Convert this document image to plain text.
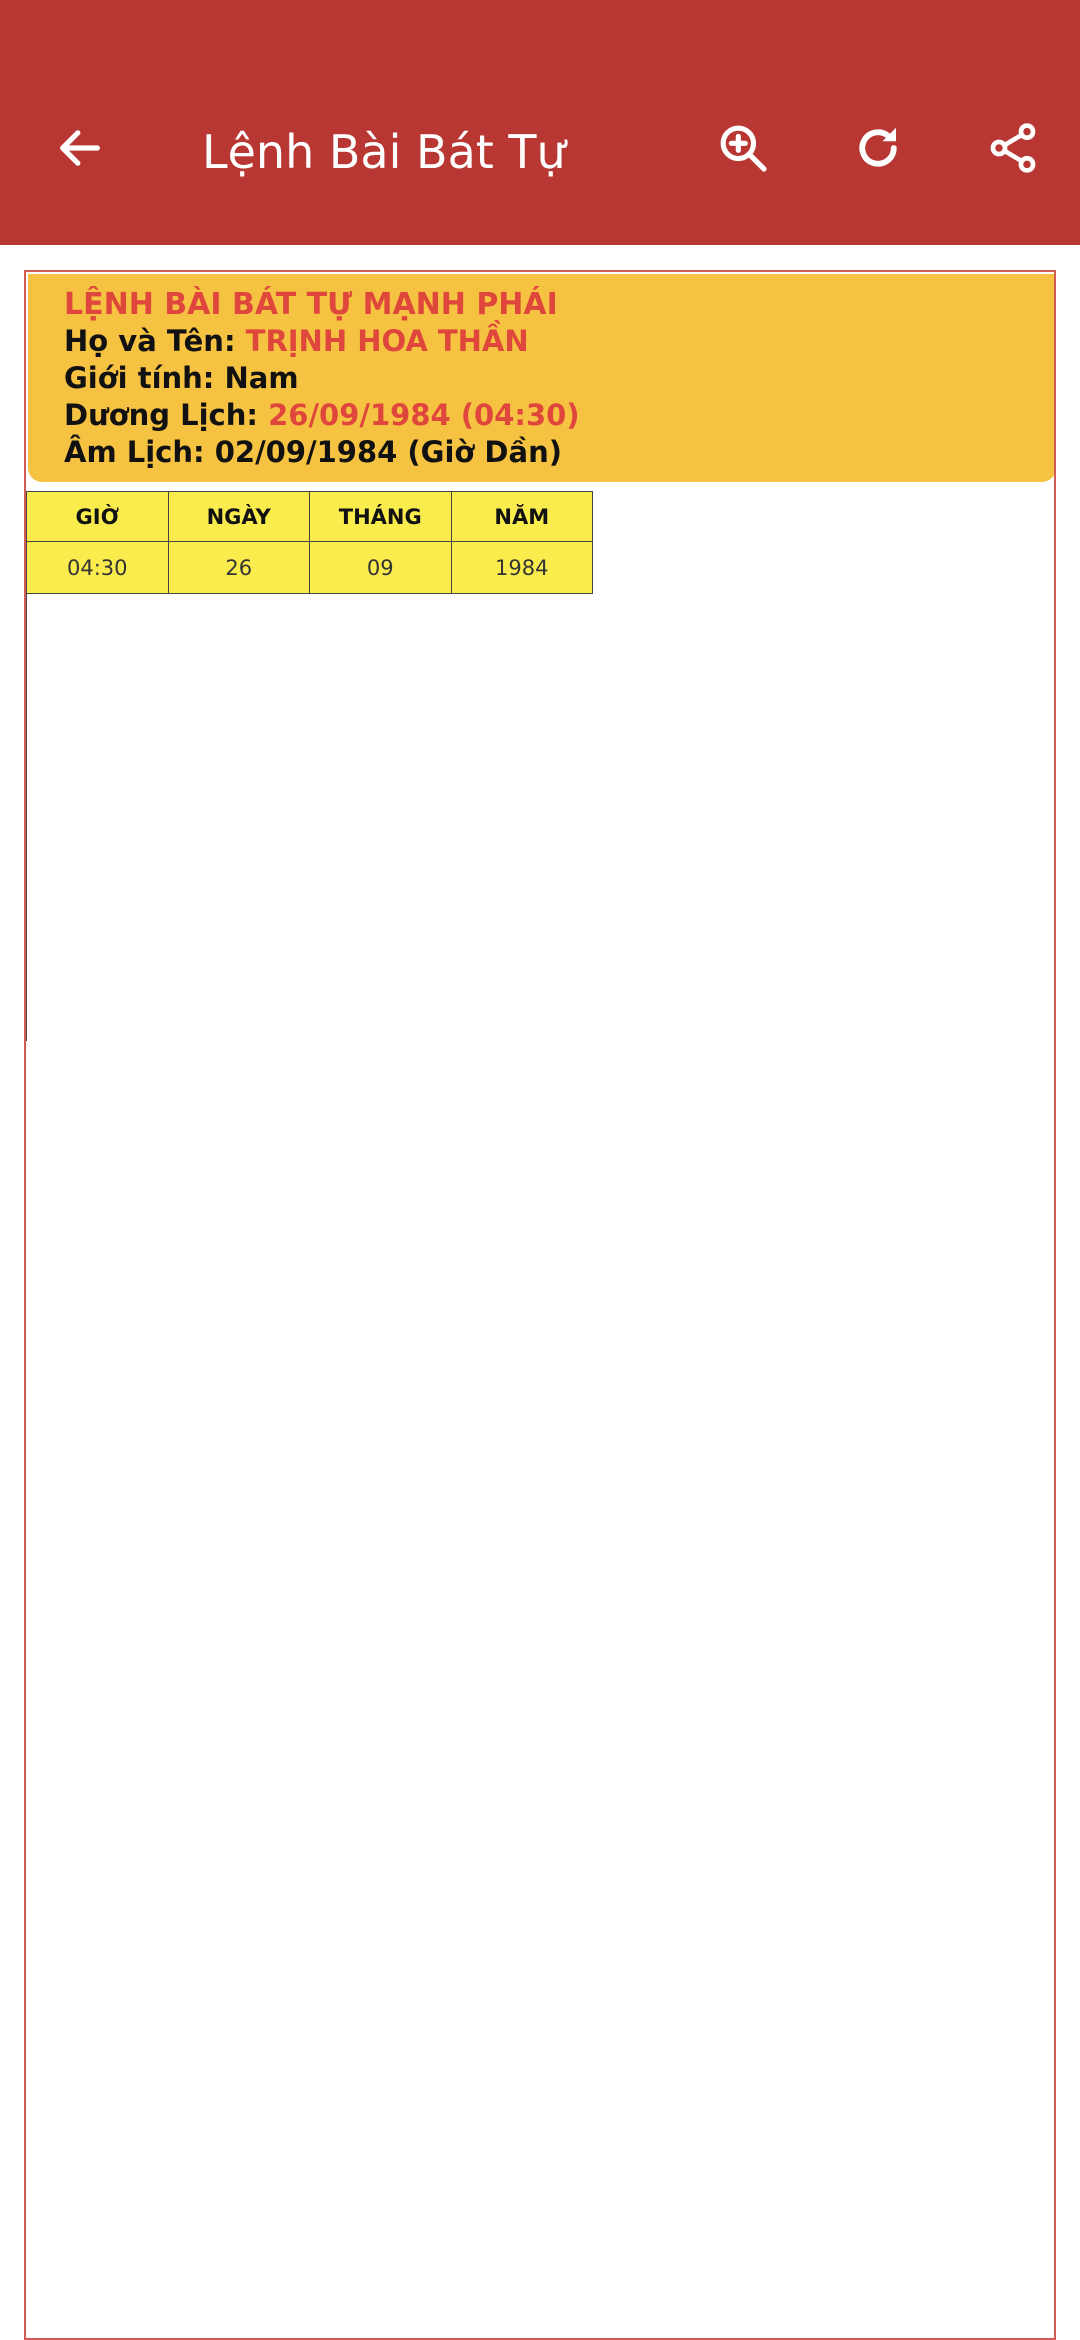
Lệnh Bài Bát Tự
LỆNH BÀI BÁT TỰ MẠNH PHÁI
Họ và Tên: TRỊNH HOA THẦN
Giới tính: Nam
Dương Lịch: 26/09/1984 (04:30)
Âm Lịch: 02/09/1984 (Giờ Dần)
GIỜ	NGÀY	THÁNG	NĂM
04:30	26	09	1984
